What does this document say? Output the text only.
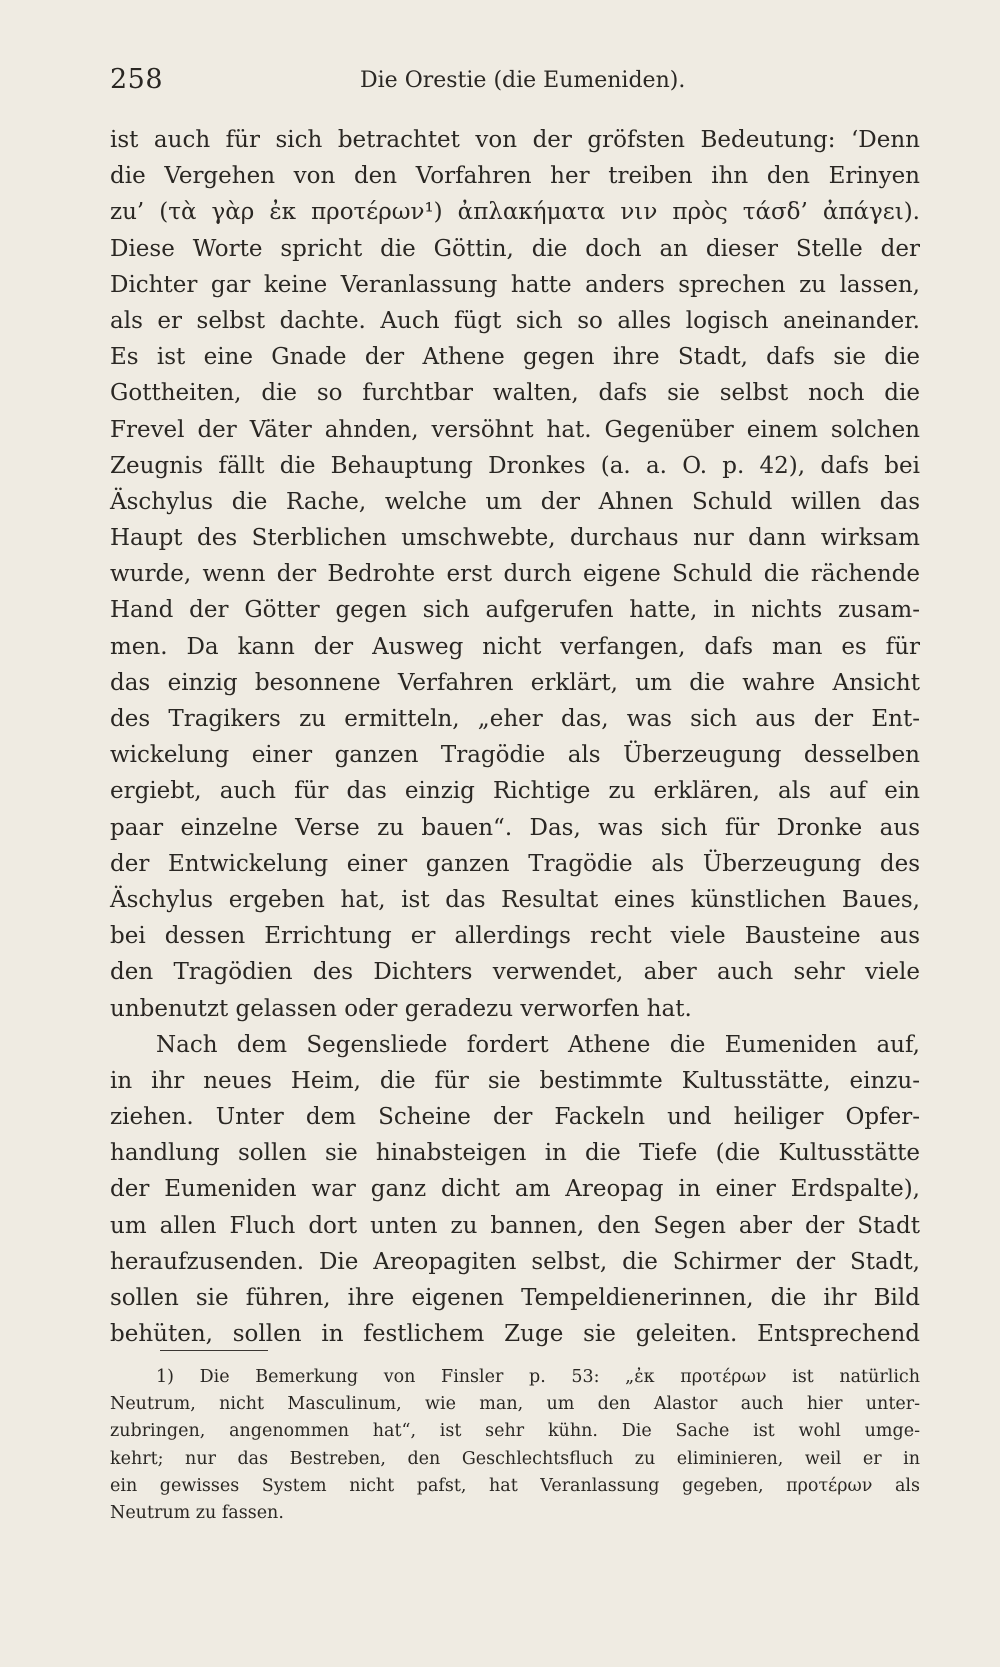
258	Die Orestie (die Eumeniden).
ist auch für sich betrachtet von der gröfsten Bedeutung: ‘Denn
die Vergehen von den Vorfahren her treiben ihn den Erinyen
zu’ (τὰ γὰρ ἐκ προτέρων¹) ἀπλακήματα νιν πρὸς τάσδ’ ἀπάγει).
Diese Worte spricht die Göttin, die doch an dieser Stelle der
Dichter gar keine Veranlassung hatte anders sprechen zu lassen,
als er selbst dachte. Auch fügt sich so alles logisch aneinander.
Es ist eine Gnade der Athene gegen ihre Stadt, dafs sie die
Gottheiten, die so furchtbar walten, dafs sie selbst noch die
Frevel der Väter ahnden, versöhnt hat. Gegenüber einem solchen
Zeugnis fällt die Behauptung Dronkes (a. a. O. p. 42), dafs bei
Äschylus die Rache, welche um der Ahnen Schuld willen das
Haupt des Sterblichen umschwebte, durchaus nur dann wirksam
wurde, wenn der Bedrohte erst durch eigene Schuld die rächende
Hand der Götter gegen sich aufgerufen hatte, in nichts zusam-
men. Da kann der Ausweg nicht verfangen, dafs man es für
das einzig besonnene Verfahren erklärt, um die wahre Ansicht
des Tragikers zu ermitteln, „eher das, was sich aus der Ent-
wickelung einer ganzen Tragödie als Überzeugung desselben
ergiebt, auch für das einzig Richtige zu erklären, als auf ein
paar einzelne Verse zu bauen“. Das, was sich für Dronke aus
der Entwickelung einer ganzen Tragödie als Überzeugung des
Äschylus ergeben hat, ist das Resultat eines künstlichen Baues,
bei dessen Errichtung er allerdings recht viele Bausteine aus
den Tragödien des Dichters verwendet, aber auch sehr viele
unbenutzt gelassen oder geradezu verworfen hat.
Nach dem Segensliede fordert Athene die Eumeniden auf,
in ihr neues Heim, die für sie bestimmte Kultusstätte, einzu-
ziehen. Unter dem Scheine der Fackeln und heiliger Opfer-
handlung sollen sie hinabsteigen in die Tiefe (die Kultusstätte
der Eumeniden war ganz dicht am Areopag in einer Erdspalte),
um allen Fluch dort unten zu bannen, den Segen aber der Stadt
heraufzusenden. Die Areopagiten selbst, die Schirmer der Stadt,
sollen sie führen, ihre eigenen Tempeldienerinnen, die ihr Bild
behüten, sollen in festlichem Zuge sie geleiten. Entsprechend
1) Die Bemerkung von Finsler p. 53: „ἐκ προτέρων ist natürlich
Neutrum, nicht Masculinum, wie man, um den Alastor auch hier unter-
zubringen, angenommen hat“, ist sehr kühn. Die Sache ist wohl umge-
kehrt; nur das Bestreben, den Geschlechtsfluch zu eliminieren, weil er in
ein gewisses System nicht pafst, hat Veranlassung gegeben, προτέρων als
Neutrum zu fassen.
